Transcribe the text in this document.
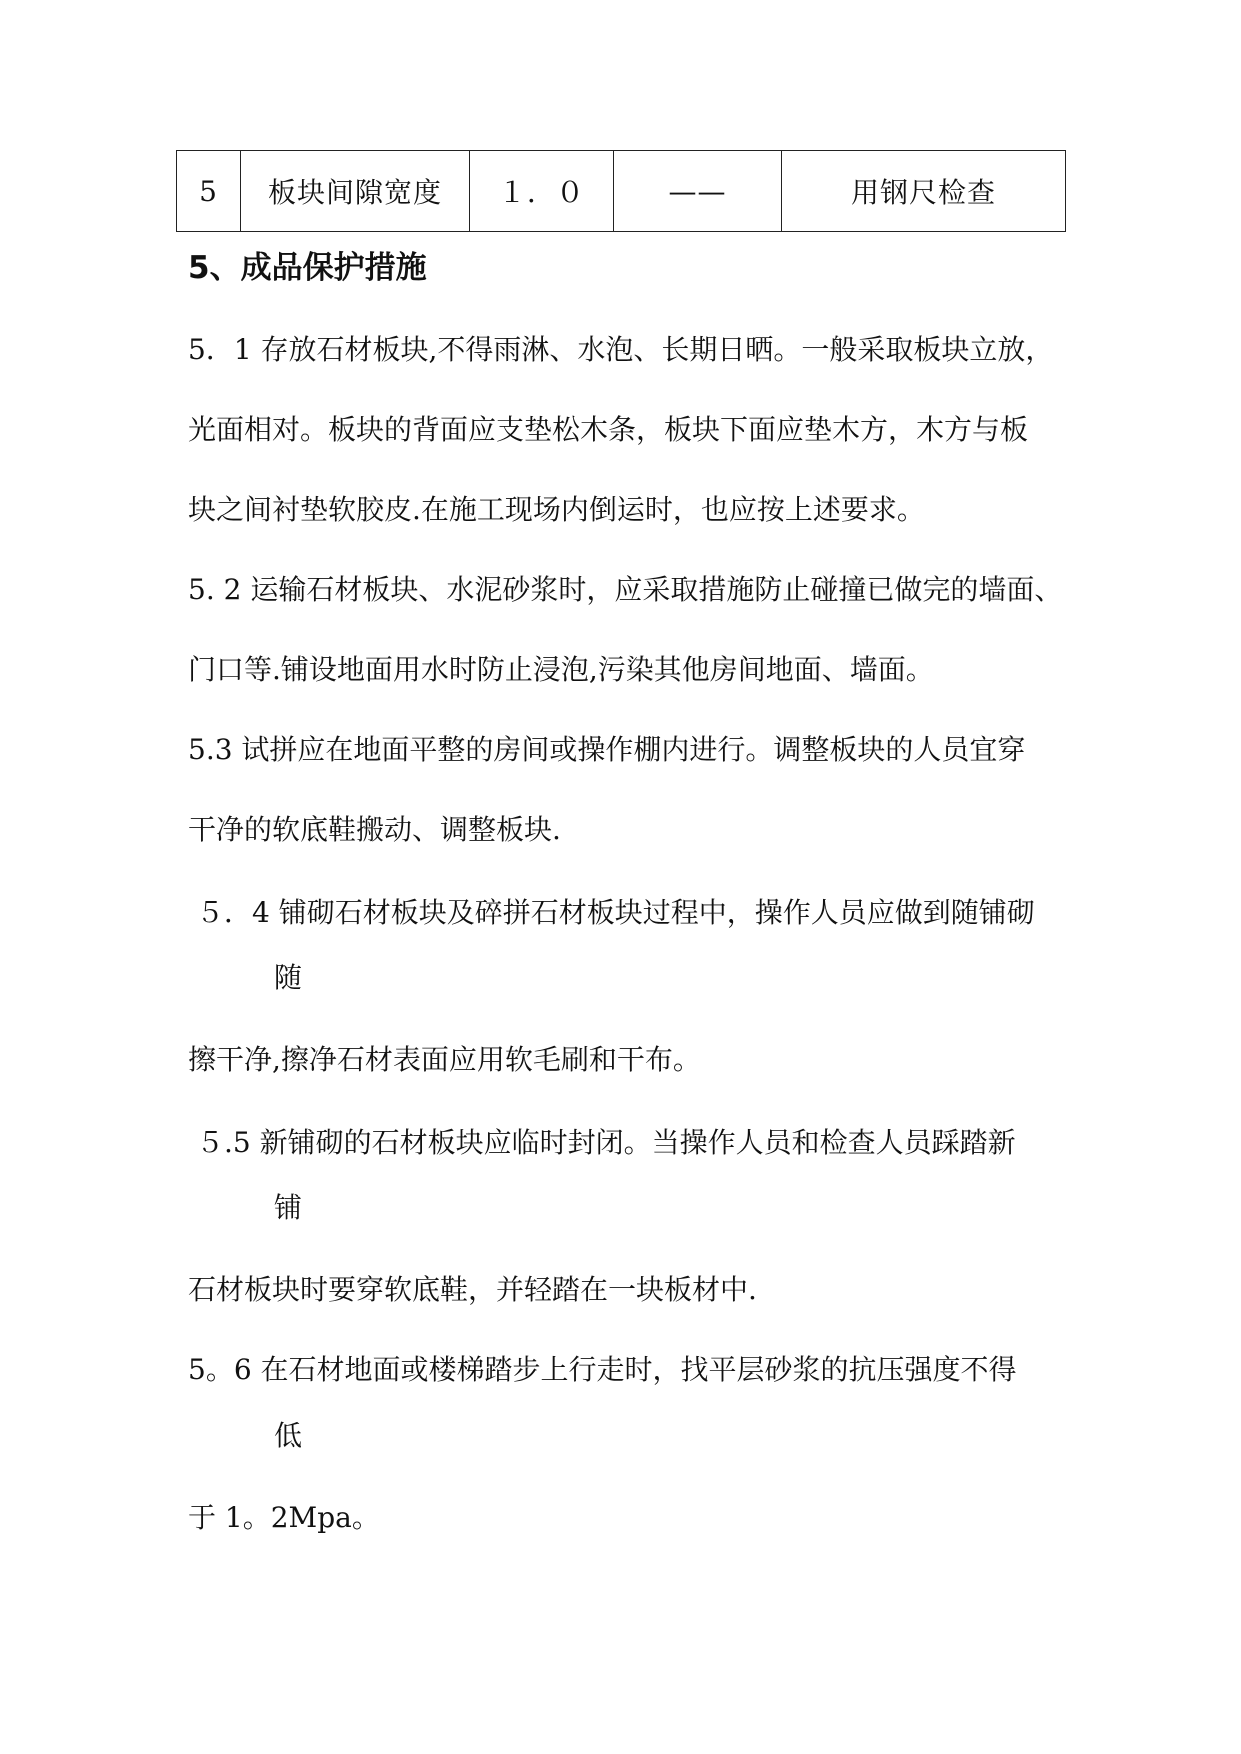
5	板块间隙宽度	１．０	——	用钢尺检查
5、成品保护措施

5．1 存放石材板块,不得雨淋、水泡、长期日晒。一般采取板块立放，

光面相对。板块的背面应支垫松木条，板块下面应垫木方，木方与板

块之间衬垫软胶皮.在施工现场内倒运时，也应按上述要求。

5. 2 运输石材板块、水泥砂浆时，应采取措施防止碰撞已做完的墙面、

门口等.铺设地面用水时防止浸泡,污染其他房间地面、墙面。

5.3 试拼应在地面平整的房间或操作棚内进行。调整板块的人员宜穿

干净的软底鞋搬动、调整板块.

５．4 铺砌石材板块及碎拼石材板块过程中，操作人员应做到随铺砌

随

擦干净,擦净石材表面应用软毛刷和干布。

５.5 新铺砌的石材板块应临时封闭。当操作人员和检查人员踩踏新

铺

石材板块时要穿软底鞋，并轻踏在一块板材中.

5。6 在石材地面或楼梯踏步上行走时，找平层砂浆的抗压强度不得

低

于 1。2Mpa。
